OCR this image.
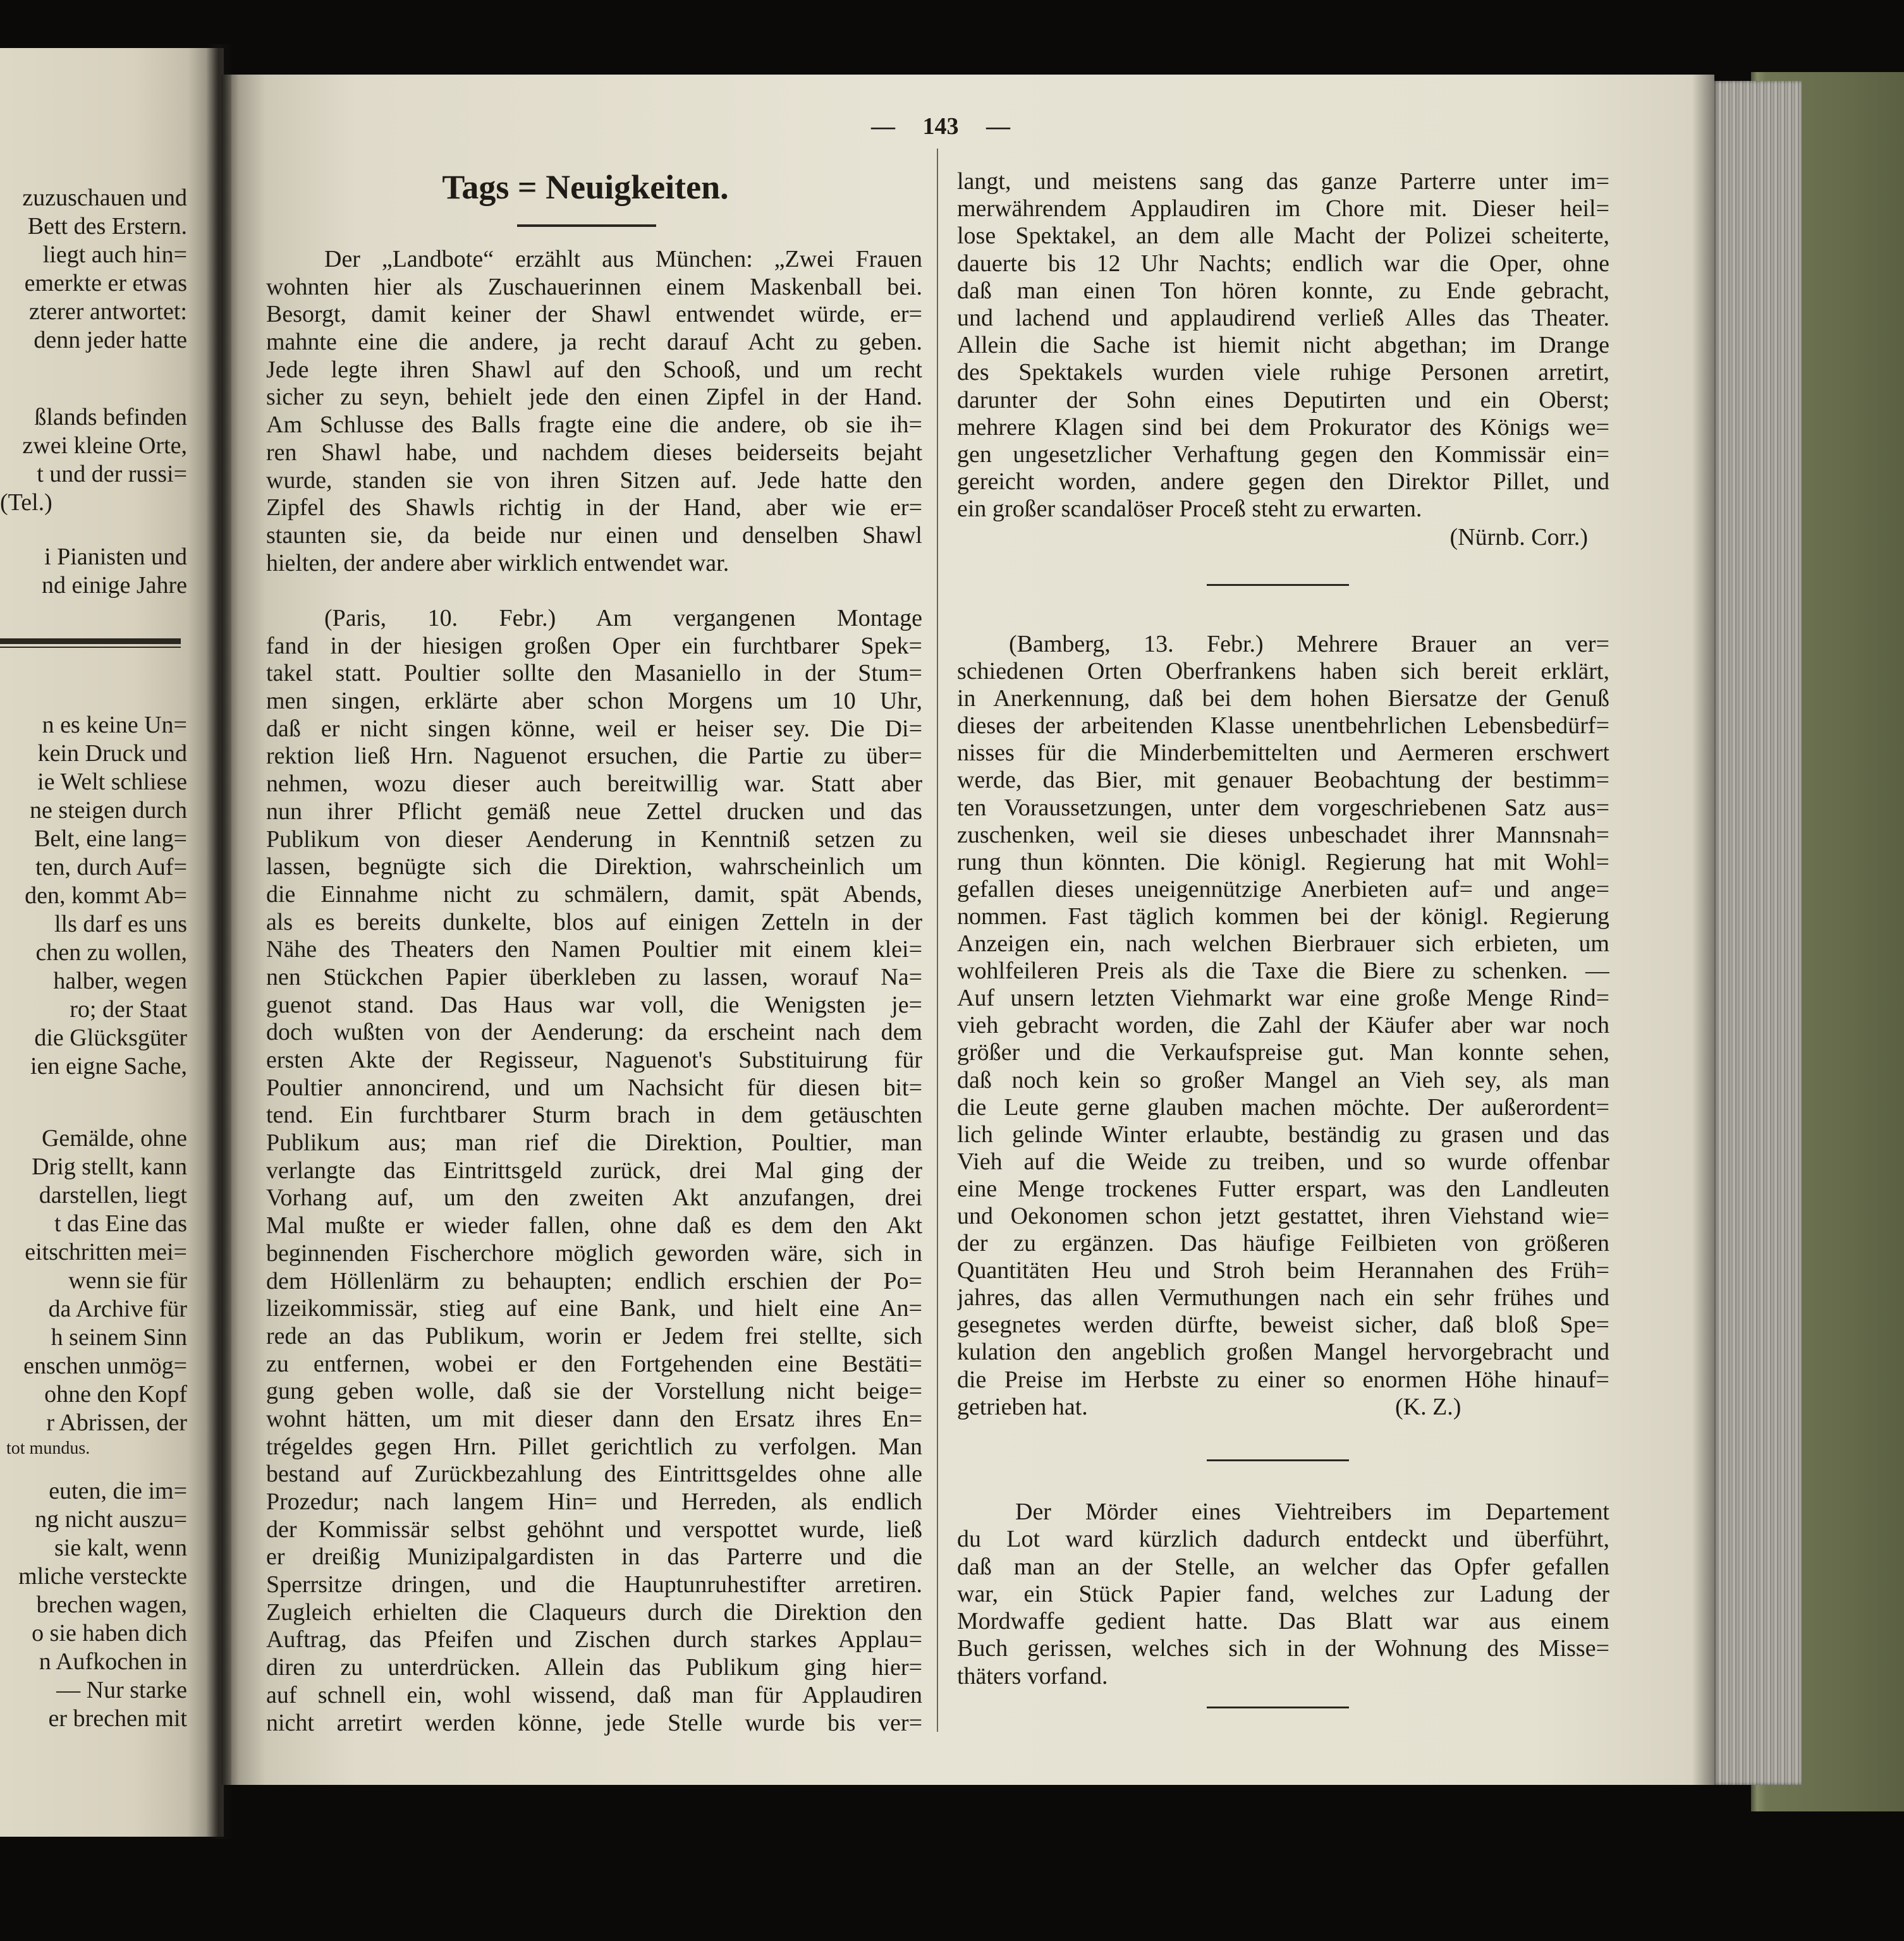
zuzuschauen und
Bett des Erstern.
liegt auch hin=
emerkte er etwas
zterer antwortet:
denn jeder hatte
ßlands befinden
zwei kleine Orte,
t und der russi=
(Tel.)
i Pianisten und
nd einige Jahre
n es keine Un=
kein Druck und
ie Welt schliese
ne steigen durch
Belt, eine lang=
ten, durch Auf=
den, kommt Ab=
lls darf es uns
chen zu wollen,
halber, wegen
ro; der Staat
die Glücksgüter
ien eigne Sache,
Gemälde, ohne
Drig stellt, kann
darstellen, liegt
t das Eine das
eitschritten mei=
wenn sie für
da Archive für
h seinem Sinn
enschen unmög=
ohne den Kopf
r Abrissen, der
tot mundus.
euten, die im=
ng nicht auszu=
sie kalt, wenn
mliche versteckte
brechen wagen,
o sie haben dich
n Aufkochen in
— Nur starke
er brechen mit
— 143 —
Tags = Neuigkeiten.
Der „Landbote“ erzählt aus München: „Zwei Frauen
wohnten hier als Zuschauerinnen einem Maskenball bei.
Besorgt, damit keiner der Shawl entwendet würde, er=
mahnte eine die andere, ja recht darauf Acht zu geben.
Jede legte ihren Shawl auf den Schooß, und um recht
sicher zu seyn, behielt jede den einen Zipfel in der Hand.
Am Schlusse des Balls fragte eine die andere, ob sie ih=
ren Shawl habe, und nachdem dieses beiderseits bejaht
wurde, standen sie von ihren Sitzen auf. Jede hatte den
Zipfel des Shawls richtig in der Hand, aber wie er=
staunten sie, da beide nur einen und denselben Shawl
hielten, der andere aber wirklich entwendet war.
(Paris, 10. Febr.) Am vergangenen Montage
fand in der hiesigen großen Oper ein furchtbarer Spek=
takel statt. Poultier sollte den Masaniello in der Stum=
men singen, erklärte aber schon Morgens um 10 Uhr,
daß er nicht singen könne, weil er heiser sey. Die Di=
rektion ließ Hrn. Naguenot ersuchen, die Partie zu über=
nehmen, wozu dieser auch bereitwillig war. Statt aber
nun ihrer Pflicht gemäß neue Zettel drucken und das
Publikum von dieser Aenderung in Kenntniß setzen zu
lassen, begnügte sich die Direktion, wahrscheinlich um
die Einnahme nicht zu schmälern, damit, spät Abends,
als es bereits dunkelte, blos auf einigen Zetteln in der
Nähe des Theaters den Namen Poultier mit einem klei=
nen Stückchen Papier überkleben zu lassen, worauf Na=
guenot stand. Das Haus war voll, die Wenigsten je=
doch wußten von der Aenderung: da erscheint nach dem
ersten Akte der Regisseur, Naguenot's Substituirung für
Poultier annoncirend, und um Nachsicht für diesen bit=
tend. Ein furchtbarer Sturm brach in dem getäuschten
Publikum aus; man rief die Direktion, Poultier, man
verlangte das Eintrittsgeld zurück, drei Mal ging der
Vorhang auf, um den zweiten Akt anzufangen, drei
Mal mußte er wieder fallen, ohne daß es dem den Akt
beginnenden Fischerchore möglich geworden wäre, sich in
dem Höllenlärm zu behaupten; endlich erschien der Po=
lizeikommissär, stieg auf eine Bank, und hielt eine An=
rede an das Publikum, worin er Jedem frei stellte, sich
zu entfernen, wobei er den Fortgehenden eine Bestäti=
gung geben wolle, daß sie der Vorstellung nicht beige=
wohnt hätten, um mit dieser dann den Ersatz ihres En=
trégeldes gegen Hrn. Pillet gerichtlich zu verfolgen. Man
bestand auf Zurückbezahlung des Eintrittsgeldes ohne alle
Prozedur; nach langem Hin= und Herreden, als endlich
der Kommissär selbst gehöhnt und verspottet wurde, ließ
er dreißig Munizipalgardisten in das Parterre und die
Sperrsitze dringen, und die Hauptunruhestifter arretiren.
Zugleich erhielten die Claqueurs durch die Direktion den
Auftrag, das Pfeifen und Zischen durch starkes Applau=
diren zu unterdrücken. Allein das Publikum ging hier=
auf schnell ein, wohl wissend, daß man für Applaudiren
nicht arretirt werden könne, jede Stelle wurde bis ver=
langt, und meistens sang das ganze Parterre unter im=
merwährendem Applaudiren im Chore mit. Dieser heil=
lose Spektakel, an dem alle Macht der Polizei scheiterte,
dauerte bis 12 Uhr Nachts; endlich war die Oper, ohne
daß man einen Ton hören konnte, zu Ende gebracht,
und lachend und applaudirend verließ Alles das Theater.
Allein die Sache ist hiemit nicht abgethan; im Drange
des Spektakels wurden viele ruhige Personen arretirt,
darunter der Sohn eines Deputirten und ein Oberst;
mehrere Klagen sind bei dem Prokurator des Königs we=
gen ungesetzlicher Verhaftung gegen den Kommissär ein=
gereicht worden, andere gegen den Direktor Pillet, und
ein großer scandalöser Proceß steht zu erwarten.
(Nürnb. Corr.)
(Bamberg, 13. Febr.) Mehrere Brauer an ver=
schiedenen Orten Oberfrankens haben sich bereit erklärt,
in Anerkennung, daß bei dem hohen Biersatze der Genuß
dieses der arbeitenden Klasse unentbehrlichen Lebensbedürf=
nisses für die Minderbemittelten und Aermeren erschwert
werde, das Bier, mit genauer Beobachtung der bestimm=
ten Voraussetzungen, unter dem vorgeschriebenen Satz aus=
zuschenken, weil sie dieses unbeschadet ihrer Mannsnah=
rung thun könnten. Die königl. Regierung hat mit Wohl=
gefallen dieses uneigennützige Anerbieten auf= und ange=
nommen. Fast täglich kommen bei der königl. Regierung
Anzeigen ein, nach welchen Bierbrauer sich erbieten, um
wohlfeileren Preis als die Taxe die Biere zu schenken. —
Auf unsern letzten Viehmarkt war eine große Menge Rind=
vieh gebracht worden, die Zahl der Käufer aber war noch
größer und die Verkaufspreise gut. Man konnte sehen,
daß noch kein so großer Mangel an Vieh sey, als man
die Leute gerne glauben machen möchte. Der außerordent=
lich gelinde Winter erlaubte, beständig zu grasen und das
Vieh auf die Weide zu treiben, und so wurde offenbar
eine Menge trockenes Futter erspart, was den Landleuten
und Oekonomen schon jetzt gestattet, ihren Viehstand wie=
der zu ergänzen. Das häufige Feilbieten von größeren
Quantitäten Heu und Stroh beim Herannahen des Früh=
jahres, das allen Vermuthungen nach ein sehr frühes und
gesegnetes werden dürfte, beweist sicher, daß bloß Spe=
kulation den angeblich großen Mangel hervorgebracht und
die Preise im Herbste zu einer so enormen Höhe hinauf=
getrieben hat.	(K. Z.)
Der Mörder eines Viehtreibers im Departement
du Lot ward kürzlich dadurch entdeckt und überführt,
daß man an der Stelle, an welcher das Opfer gefallen
war, ein Stück Papier fand, welches zur Ladung der
Mordwaffe gedient hatte. Das Blatt war aus einem
Buch gerissen, welches sich in der Wohnung des Misse=
thäters vorfand.
